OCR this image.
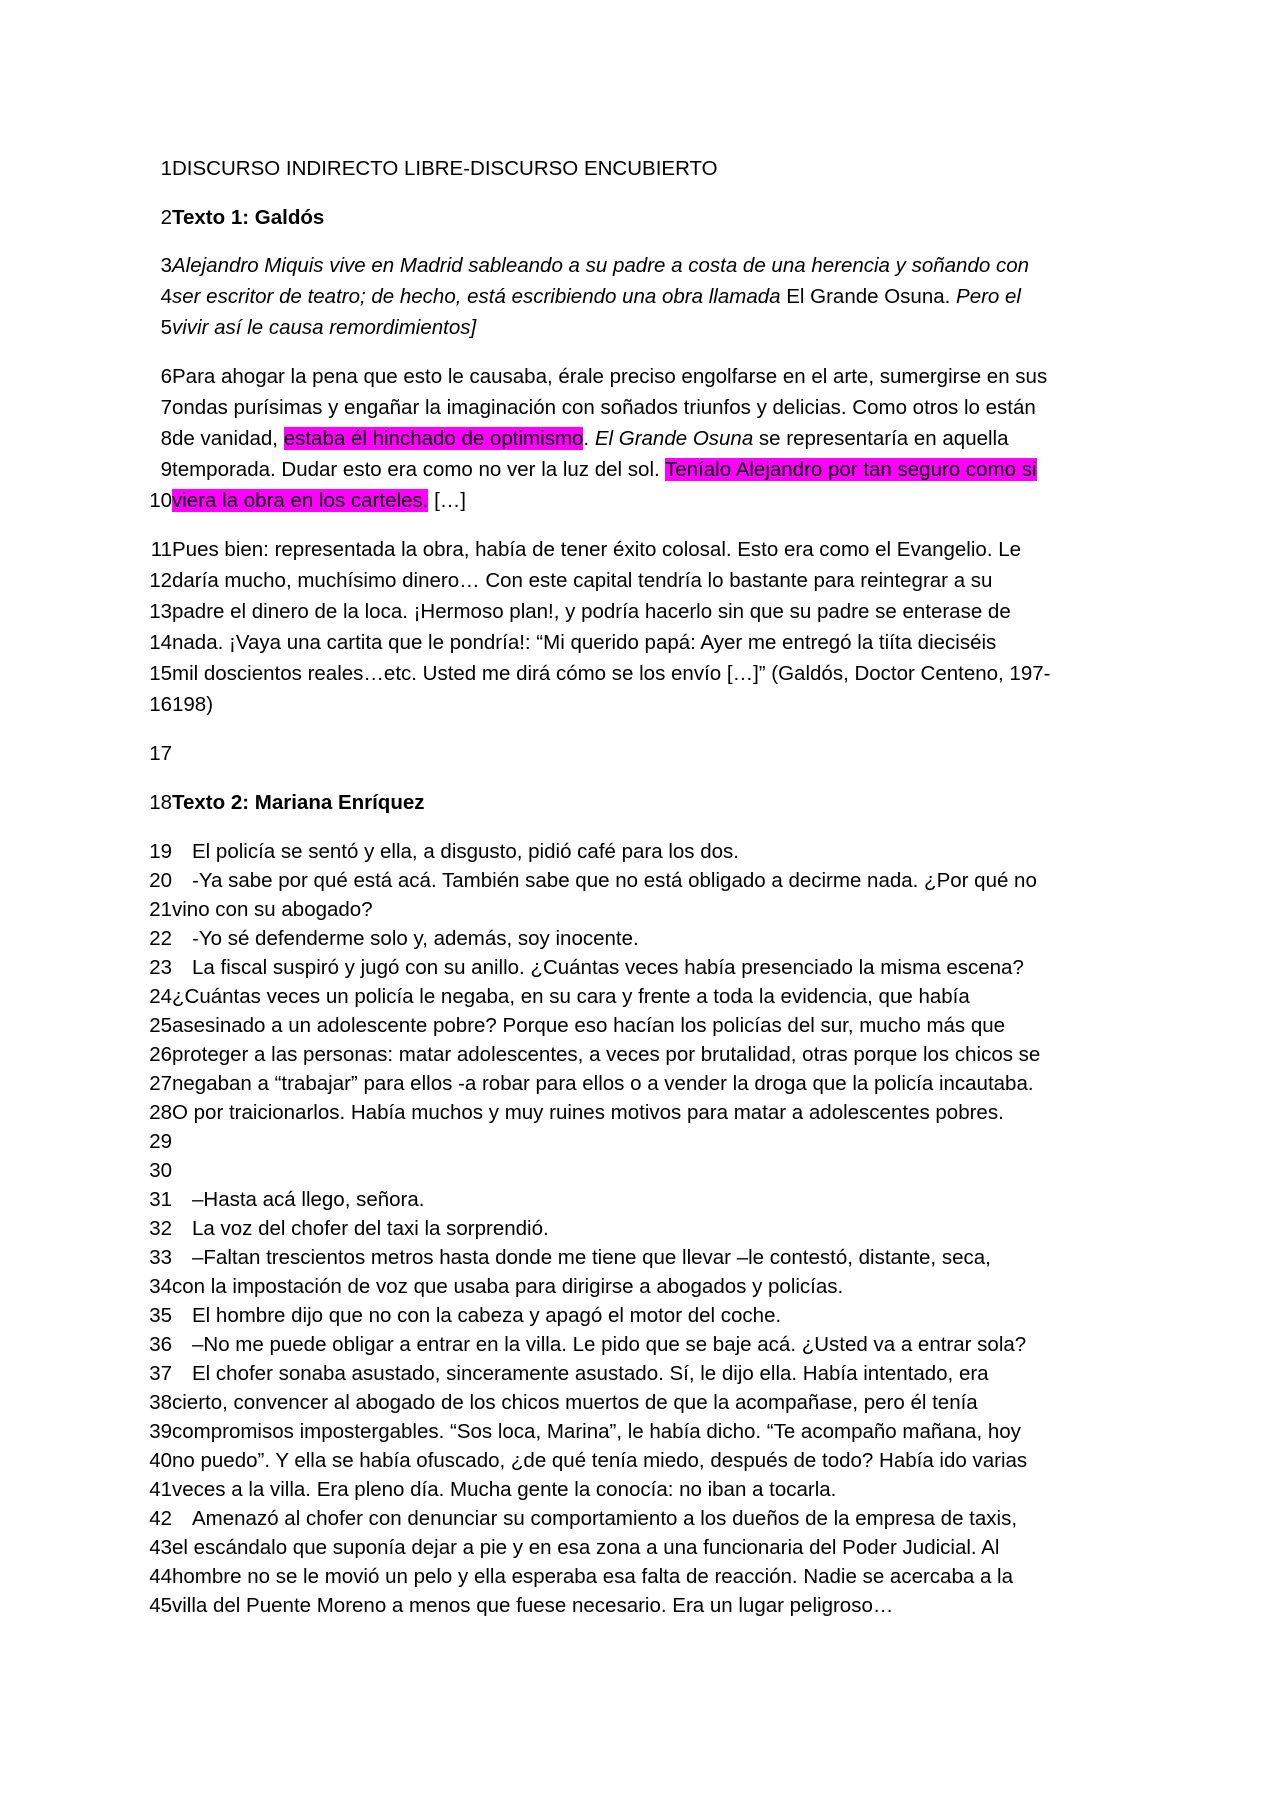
1DISCURSO INDIRECTO LIBRE-DISCURSO ENCUBIERTO
2Texto 1: Galdós
3Alejandro Miquis vive en Madrid sableando a su padre a costa de una herencia y soñando con
4ser escritor de teatro; de hecho, está escribiendo una obra llamada El Grande Osuna. Pero el
5vivir así le causa remordimientos]
6Para ahogar la pena que esto le causaba, érale preciso engolfarse en el arte, sumergirse en sus
7ondas purísimas y engañar la imaginación con soñados triunfos y delicias. Como otros lo están
8de vanidad, estaba él hinchado de optimismo. El Grande Osuna se representaría en aquella
9temporada. Dudar esto era como no ver la luz del sol. Teníalo Alejandro por tan seguro como si
10viera la obra en los carteles. […]
11Pues bien: representada la obra, había de tener éxito colosal. Esto era como el Evangelio. Le
12daría mucho, muchísimo dinero… Con este capital tendría lo bastante para reintegrar a su
13padre el dinero de la loca. ¡Hermoso plan!, y podría hacerlo sin que su padre se enterase de
14nada. ¡Vaya una cartita que le pondría!: “Mi querido papá: Ayer me entregó la tiíta dieciséis
15mil doscientos reales…etc. Usted me dirá cómo se los envío […]” (Galdós, Doctor Centeno, 197-
16198)
17
18Texto 2: Mariana Enríquez
19 El policía se sentó y ella, a disgusto, pidió café para los dos.
20 -Ya sabe por qué está acá. También sabe que no está obligado a decirme nada. ¿Por qué no
21vino con su abogado?
22 -Yo sé defenderme solo y, además, soy inocente.
23 La fiscal suspiró y jugó con su anillo. ¿Cuántas veces había presenciado la misma escena?
24¿Cuántas veces un policía le negaba, en su cara y frente a toda la evidencia, que había
25asesinado a un adolescente pobre? Porque eso hacían los policías del sur, mucho más que
26proteger a las personas: matar adolescentes, a veces por brutalidad, otras porque los chicos se
27negaban a “trabajar” para ellos -a robar para ellos o a vender la droga que la policía incautaba.
28O por traicionarlos. Había muchos y muy ruines motivos para matar a adolescentes pobres.
29
30
31 –Hasta acá llego, señora.
32 La voz del chofer del taxi la sorprendió.
33 –Faltan trescientos metros hasta donde me tiene que llevar –le contestó, distante, seca,
34con la impostación de voz que usaba para dirigirse a abogados y policías.
35 El hombre dijo que no con la cabeza y apagó el motor del coche.
36 –No me puede obligar a entrar en la villa. Le pido que se baje acá. ¿Usted va a entrar sola?
37 El chofer sonaba asustado, sinceramente asustado. Sí, le dijo ella. Había intentado, era
38cierto, convencer al abogado de los chicos muertos de que la acompañase, pero él tenía
39compromisos impostergables. “Sos loca, Marina”, le había dicho. “Te acompaño mañana, hoy
40no puedo”. Y ella se había ofuscado, ¿de qué tenía miedo, después de todo? Había ido varias
41veces a la villa. Era pleno día. Mucha gente la conocía: no iban a tocarla.
42 Amenazó al chofer con denunciar su comportamiento a los dueños de la empresa de taxis,
43el escándalo que suponía dejar a pie y en esa zona a una funcionaria del Poder Judicial. Al
44hombre no se le movió un pelo y ella esperaba esa falta de reacción. Nadie se acercaba a la
45villa del Puente Moreno a menos que fuese necesario. Era un lugar peligroso…
